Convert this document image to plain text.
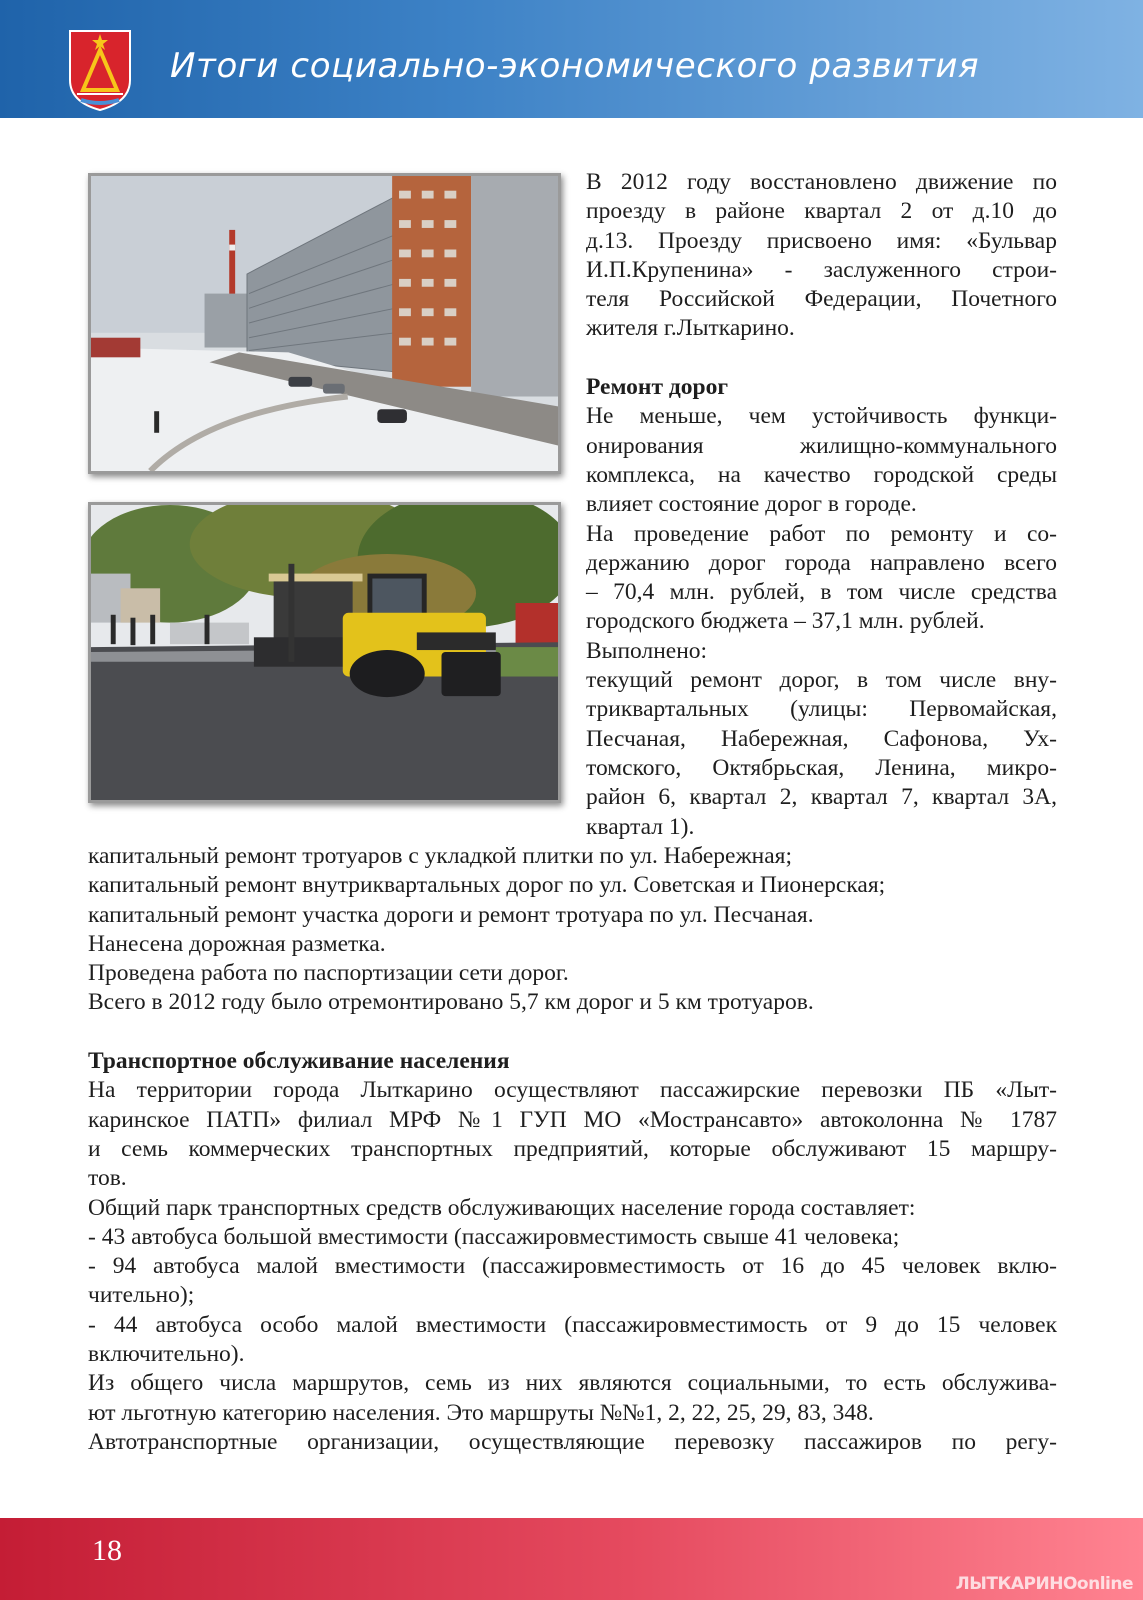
Итоги социально-экономического развития

В 2012 году восстановлено движение по

проезду в районе квартал 2 от д.10 до

д.13. Проезду присвоено имя: «Бульвар

И.П.Крупенина» - заслуженного строи-

теля Российской Федерации, Почетного

жителя г.Лыткарино.

Ремонт дорог

Не меньше, чем устойчивость функци-

онирования жилищно-коммунального

комплекса, на качество городской среды

влияет состояние дорог в городе.

На проведение работ по ремонту и со-

держанию дорог города направлено всего

– 70,4 млн. рублей, в том числе средства

городского бюджета – 37,1 млн. рублей.

Выполнено:

текущий ремонт дорог, в том числе вну-

триквартальных (улицы: Первомайская,

Песчаная, Набережная, Сафонова, Ух-

томского, Октябрьская, Ленина, микро-

район 6, квартал 2, квартал 7, квартал 3А,

квартал 1).

капитальный ремонт тротуаров с укладкой плитки по ул. Набережная;

капитальный ремонт внутриквартальных дорог по ул. Советская и Пионерская;

капитальный ремонт участка дороги и ремонт тротуара по ул. Песчаная.

Нанесена дорожная разметка.

Проведена работа по паспортизации сети дорог.

Всего в 2012 году было отремонтировано 5,7 км дорог и 5 км тротуаров.

Транспортное обслуживание населения

На территории города Лыткарино осуществляют пассажирские перевозки ПБ «Лыт-

каринское ПАТП» филиал МРФ №1 ГУП МО «Мострансавто» автоколонна № 1787

и семь коммерческих транспортных предприятий, которые обслуживают 15 маршру-

тов.

Общий парк транспортных средств обслуживающих население города составляет:

- 43 автобуса большой вместимости (пассажировместимость свыше 41 человека;

- 94 автобуса малой вместимости (пассажировместимость от 16 до 45 человек вклю-

чительно);

- 44 автобуса особо малой вместимости (пассажировместимость от 9 до 15 человек

включительно).

Из общего числа маршрутов, семь из них являются социальными, то есть обслужива-

ют льготную категорию населения. Это маршруты №№1, 2, 22, 25, 29, 83, 348.

Автотранспортные организации, осуществляющие перевозку пассажиров по регу-

18
ЛЫТКАРИНОonline
